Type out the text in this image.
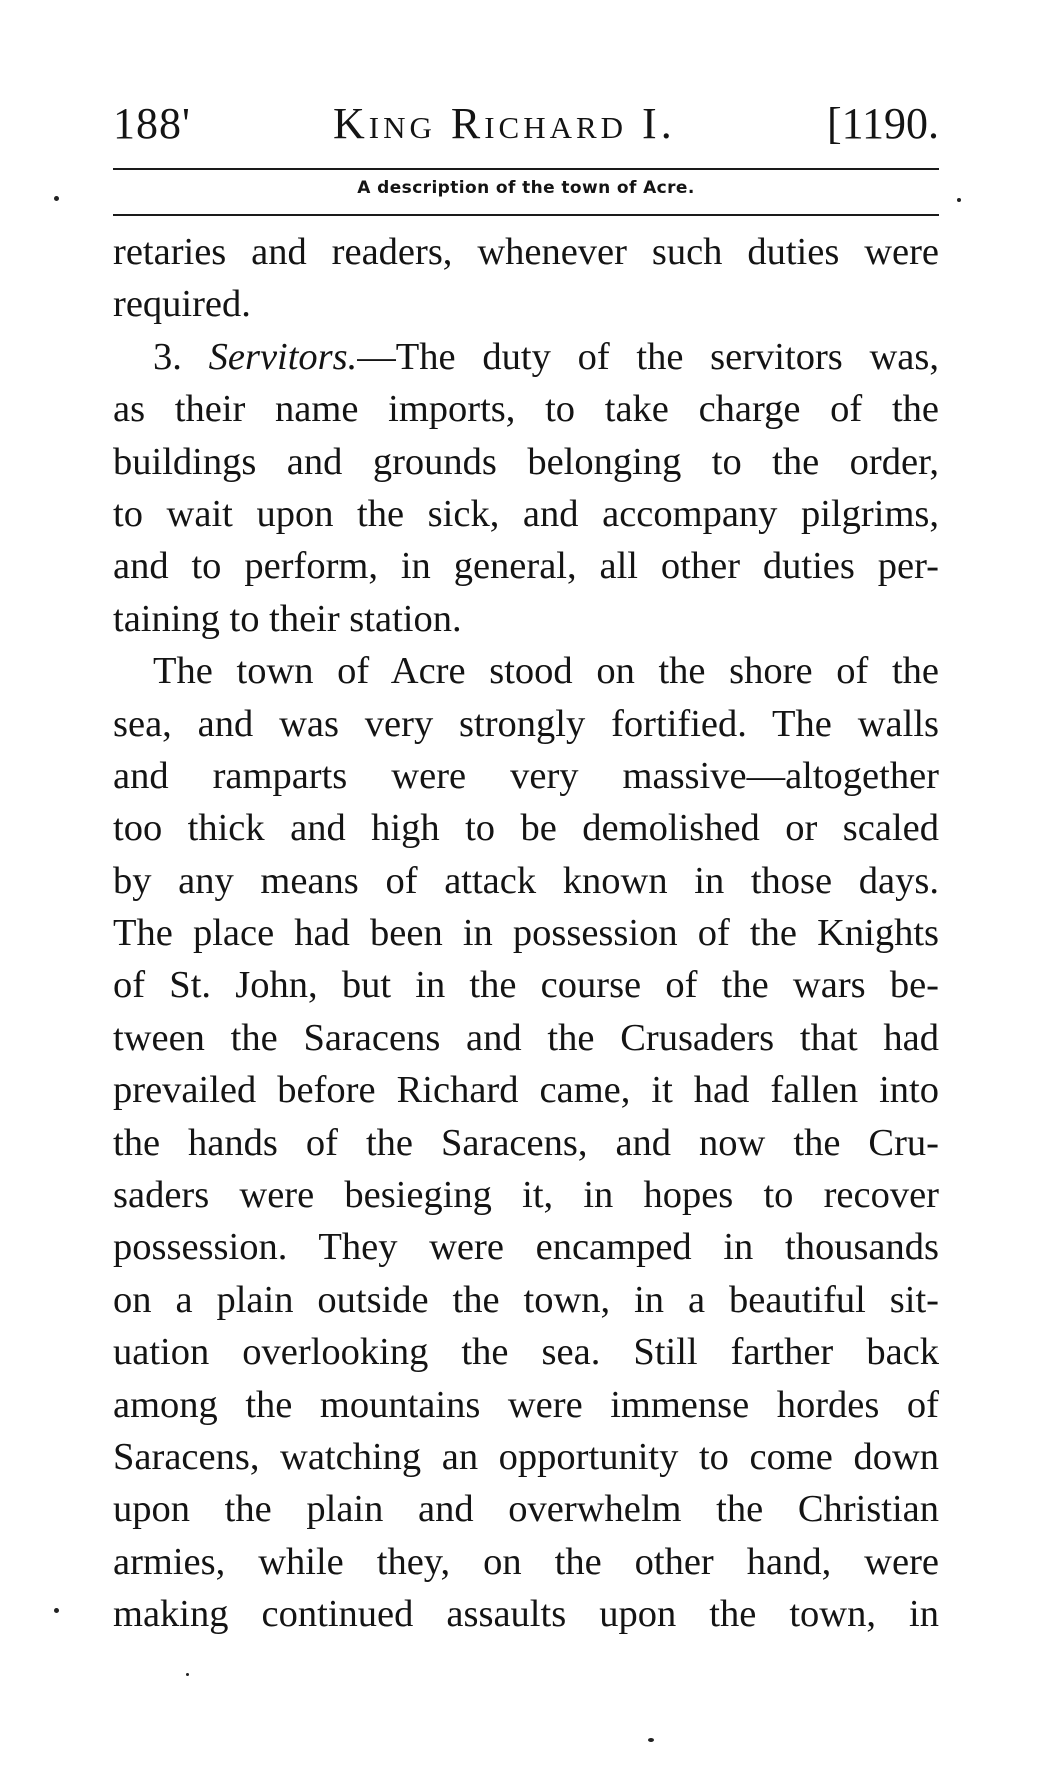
188'	King Richard I.	[1190.
A description of the town of Acre.
retaries and readers, whenever such duties were
required.
3. Servitors.—The duty of the servitors was,
as their name imports, to take charge of the
buildings and grounds belonging to the order,
to wait upon the sick, and accompany pilgrims,
and to perform, in general, all other duties per-
taining to their station.
The town of Acre stood on the shore of the
sea, and was very strongly fortified. The walls
and ramparts were very massive—altogether
too thick and high to be demolished or scaled
by any means of attack known in those days.
The place had been in possession of the Knights
of St. John, but in the course of the wars be-
tween the Saracens and the Crusaders that had
prevailed before Richard came, it had fallen into
the hands of the Saracens, and now the Cru-
saders were besieging it, in hopes to recover
possession. They were encamped in thousands
on a plain outside the town, in a beautiful sit-
uation overlooking the sea. Still farther back
among the mountains were immense hordes of
Saracens, watching an opportunity to come down
upon the plain and overwhelm the Christian
armies, while they, on the other hand, were
making continued assaults upon the town, in
